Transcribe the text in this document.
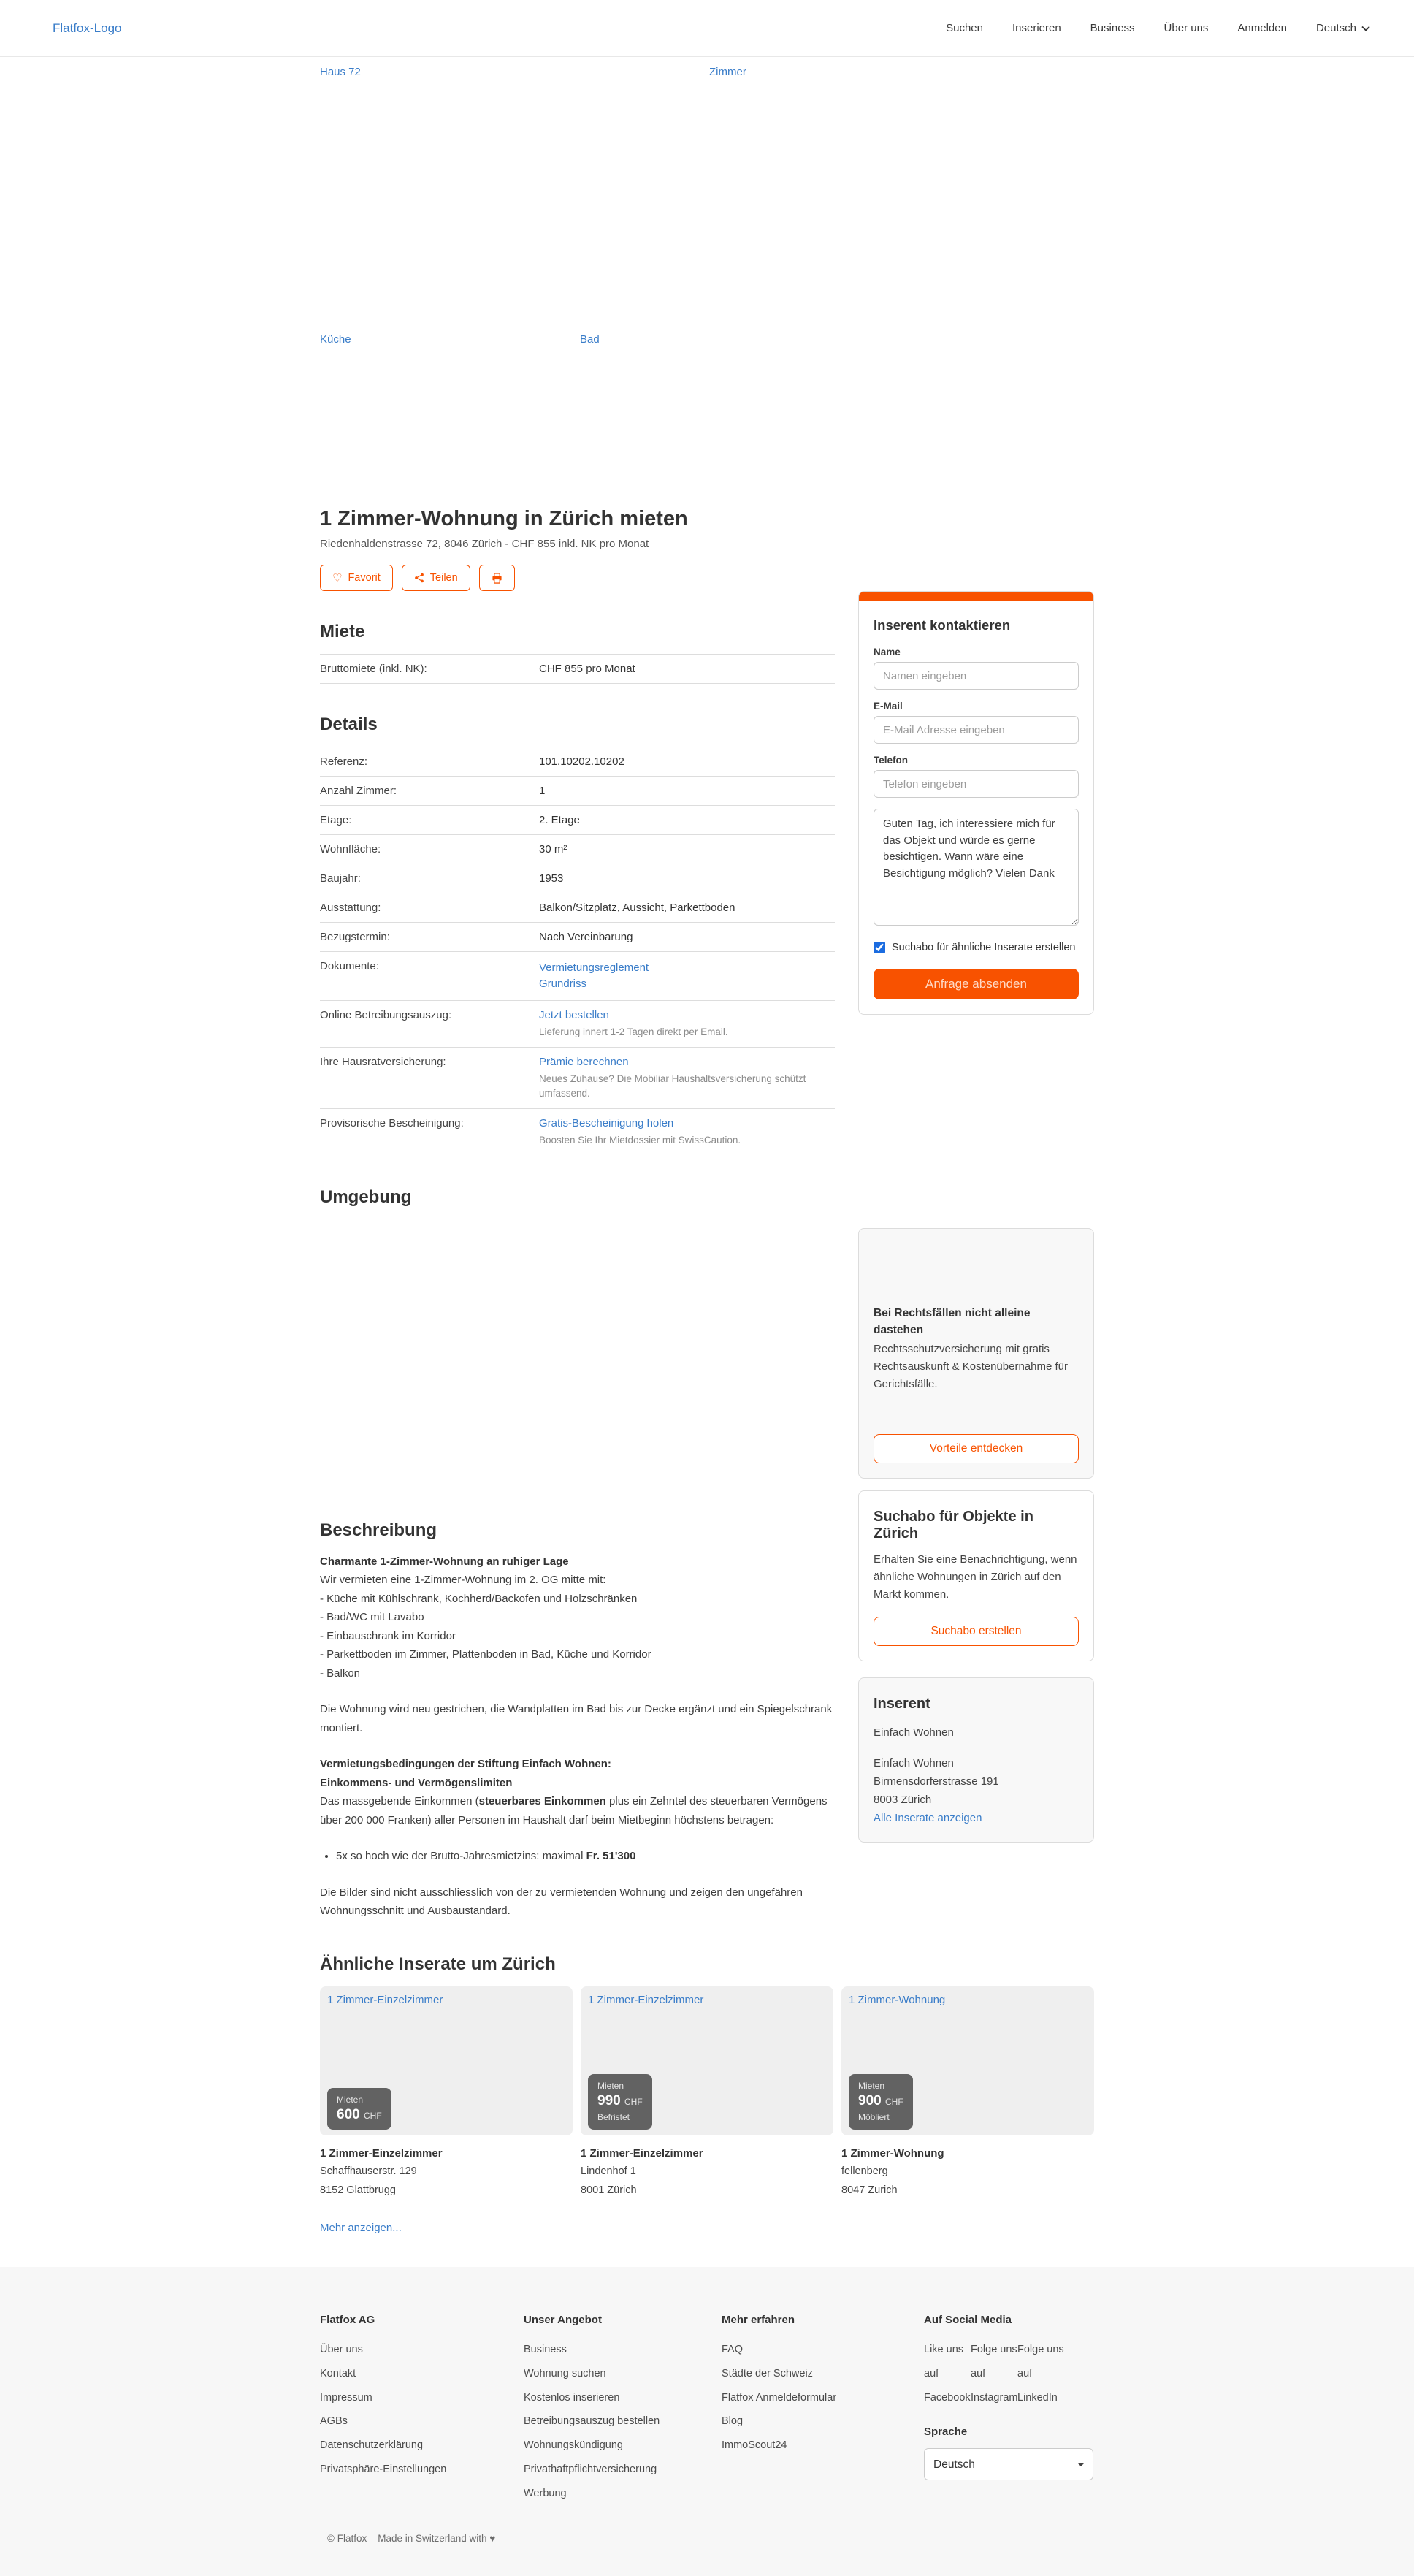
Flatfox-Logo	Suchen	Inserieren	Business	Über uns	Anmelden	Deutsch
Haus 72	Zimmer
Küche	Bad
1 Zimmer-Wohnung in Zürich mieten
Riedenhaldenstrasse 72, 8046 Zürich - CHF 855 inkl. NK pro Monat
♡ Favorit	Teilen
Miete
Bruttomiete (inkl. NK):	CHF 855 pro Monat
Details
Referenz:	101.10202.10202
Anzahl Zimmer:	1
Etage:	2. Etage
Wohnfläche:	30 m²
Baujahr:	1953
Ausstattung:	Balkon/Sitzplatz, Aussicht, Parkettboden
Bezugstermin:	Nach Vereinbarung
Dokumente:	Vermietungsreglement
Grundriss
Online Betreibungsauszug:	Jetzt bestellen
Lieferung innert 1-2 Tagen direkt per Email.
Ihre Hausratversicherung:	Prämie berechnen
Neues Zuhause? Die Mobiliar Haushaltsversicherung schützt umfassend.
Provisorische Bescheinigung:	Gratis-Bescheinigung holen
Boosten Sie Ihr Mietdossier mit SwissCaution.
Umgebung
Beschreibung
Charmante 1-Zimmer-Wohnung an ruhiger Lage
Wir vermieten eine 1-Zimmer-Wohnung im 2. OG mitte mit:
- Küche mit Kühlschrank, Kochherd/Backofen und Holzschränken
- Bad/WC mit Lavabo
- Einbauschrank im Korridor
- Parkettboden im Zimmer, Plattenboden in Bad, Küche und Korridor
- Balkon

Die Wohnung wird neu gestrichen, die Wandplatten im Bad bis zur Decke ergänzt und ein Spiegelschrank montiert.

Vermietungsbedingungen der Stiftung Einfach Wohnen:
Einkommens- und Vermögenslimiten
Das massgebende Einkommen (steuerbares Einkommen plus ein Zehntel des steuerbaren Vermögens über 200 000 Franken) aller Personen im Haushalt darf beim Mietbeginn höchstens betragen:

• 5x so hoch wie der Brutto-Jahresmietzins: maximal Fr. 51'300

Die Bilder sind nicht ausschliesslich von der zu vermietenden Wohnung und zeigen den ungefähren Wohnungsschnitt und Ausbaustandard.

Inserent kontaktieren
Name
Namen eingeben
E-Mail
E-Mail Adresse eingeben
Telefon
Telefon eingeben
Guten Tag, ich interessiere mich für das Objekt und würde es gerne besichtigen. Wann wäre eine Besichtigung möglich? Vielen Dank
Suchabo für ähnliche Inserate erstellen
Anfrage absenden
Bei Rechtsfällen nicht alleine dastehen
Rechtsschutzversicherung mit gratis Rechtsauskunft & Kostenübernahme für Gerichtsfälle.
Vorteile entdecken
Suchabo für Objekte in Zürich
Erhalten Sie eine Benachrichtigung, wenn ähnliche Wohnungen in Zürich auf den Markt kommen.
Suchabo erstellen
Inserent
Einfach Wohnen
Einfach Wohnen
Birmensdorferstrasse 191
8003 Zürich
Alle Inserate anzeigen
Ähnliche Inserate um Zürich
1 Zimmer-Einzelzimmer
Mieten
600 CHF
1 Zimmer-Einzelzimmer
Schaffhauserstr. 129
8152 Glattbrugg
1 Zimmer-Einzelzimmer
Mieten
990 CHF
Befristet
1 Zimmer-Einzelzimmer
Lindenhof 1
8001 Zürich
1 Zimmer-Wohnung
Mieten
900 CHF
Möbliert
1 Zimmer-Wohnung
fellenberg
8047 Zurich
Mehr anzeigen...
Flatfox AG
Über uns
Kontakt
Impressum
AGBs
Datenschutzerklärung
Privatsphäre-Einstellungen
Unser Angebot
Business
Wohnung suchen
Kostenlos inserieren
Betreibungsauszug bestellen
Wohnungskündigung
Privathaftpflichtversicherung
Werbung
Mehr erfahren
FAQ
Städte der Schweiz
Flatfox Anmeldeformular
Blog
ImmoScout24
Auf Social Media
Like uns auf Facebook
Folge uns auf Instagram
Folge uns auf LinkedIn
Sprache
Deutsch
© Flatfox – Made in Switzerland with ♥
